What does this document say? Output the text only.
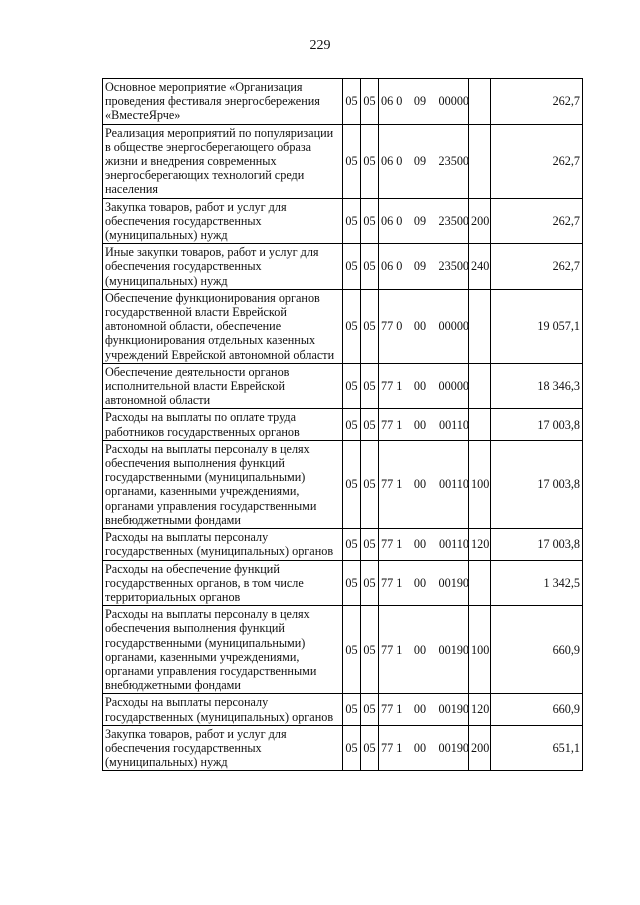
229
Основное мероприятие «Организация проведения фестиваля энергосбережения «ВместеЯрче»	05	05	06 0 09 00000		262,7
Реализация мероприятий по популяризации в обществе энергосберегающего образа жизни и внедрения современных энергосберегающих технологий среди населения	05	05	06 0 09 23500		262,7
Закупка товаров, работ и услуг для обеспечения государственных (муниципальных) нужд	05	05	06 0 09 23500	200	262,7
Иные закупки товаров, работ и услуг для обеспечения государственных (муниципальных) нужд	05	05	06 0 09 23500	240	262,7
Обеспечение функционирования органов государственной власти Еврейской автономной области, обеспечение функционирования отдельных казенных учреждений Еврейской автономной области	05	05	77 0 00 00000		19 057,1
Обеспечение деятельности органов исполнительной власти Еврейской автономной области	05	05	77 1 00 00000		18 346,3
Расходы на выплаты по оплате труда работников государственных органов	05	05	77 1 00 00110		17 003,8
Расходы на выплаты персоналу в целях обеспечения выполнения функций государственными (муниципальными) органами, казенными учреждениями, органами управления государственными внебюджетными фондами	05	05	77 1 00 00110	100	17 003,8
Расходы на выплаты персоналу государственных (муниципальных) органов	05	05	77 1 00 00110	120	17 003,8
Расходы на обеспечение функций государственных органов, в том числе территориальных органов	05	05	77 1 00 00190		1 342,5
Расходы на выплаты персоналу в целях обеспечения выполнения функций государственными (муниципальными) органами, казенными учреждениями, органами управления государственными внебюджетными фондами	05	05	77 1 00 00190	100	660,9
Расходы на выплаты персоналу государственных (муниципальных) органов	05	05	77 1 00 00190	120	660,9
Закупка товаров, работ и услуг для обеспечения государственных (муниципальных) нужд	05	05	77 1 00 00190	200	651,1
